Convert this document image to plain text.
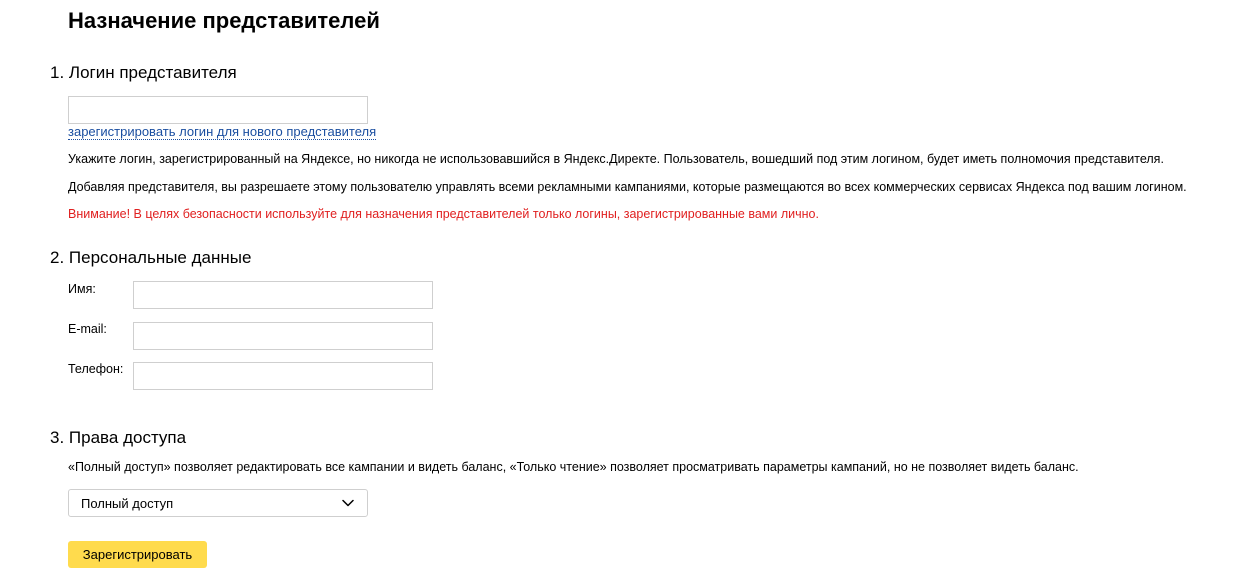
Назначение представителей
1. Логин представителя
зарегистрировать логин для нового представителя
Укажите логин, зарегистрированный на Яндексе, но никогда не использовавшийся в Яндекс.Директе. Пользователь, вошедший под этим логином, будет иметь полномочия представителя.
Добавляя представителя, вы разрешаете этому пользователю управлять всеми рекламными кампаниями, которые размещаются во всех коммерческих сервисах Яндекса под вашим логином.
Внимание! В целях безопасности используйте для назначения представителей только логины, зарегистрированные вами лично.
2. Персональные данные
Имя:
E-mail:
Телефон:
3. Права доступа
«Полный доступ» позволяет редактировать все кампании и видеть баланс, «Только чтение» позволяет просматривать параметры кампаний, но не позволяет видеть баланс.
Полный доступ
Зарегистрировать
